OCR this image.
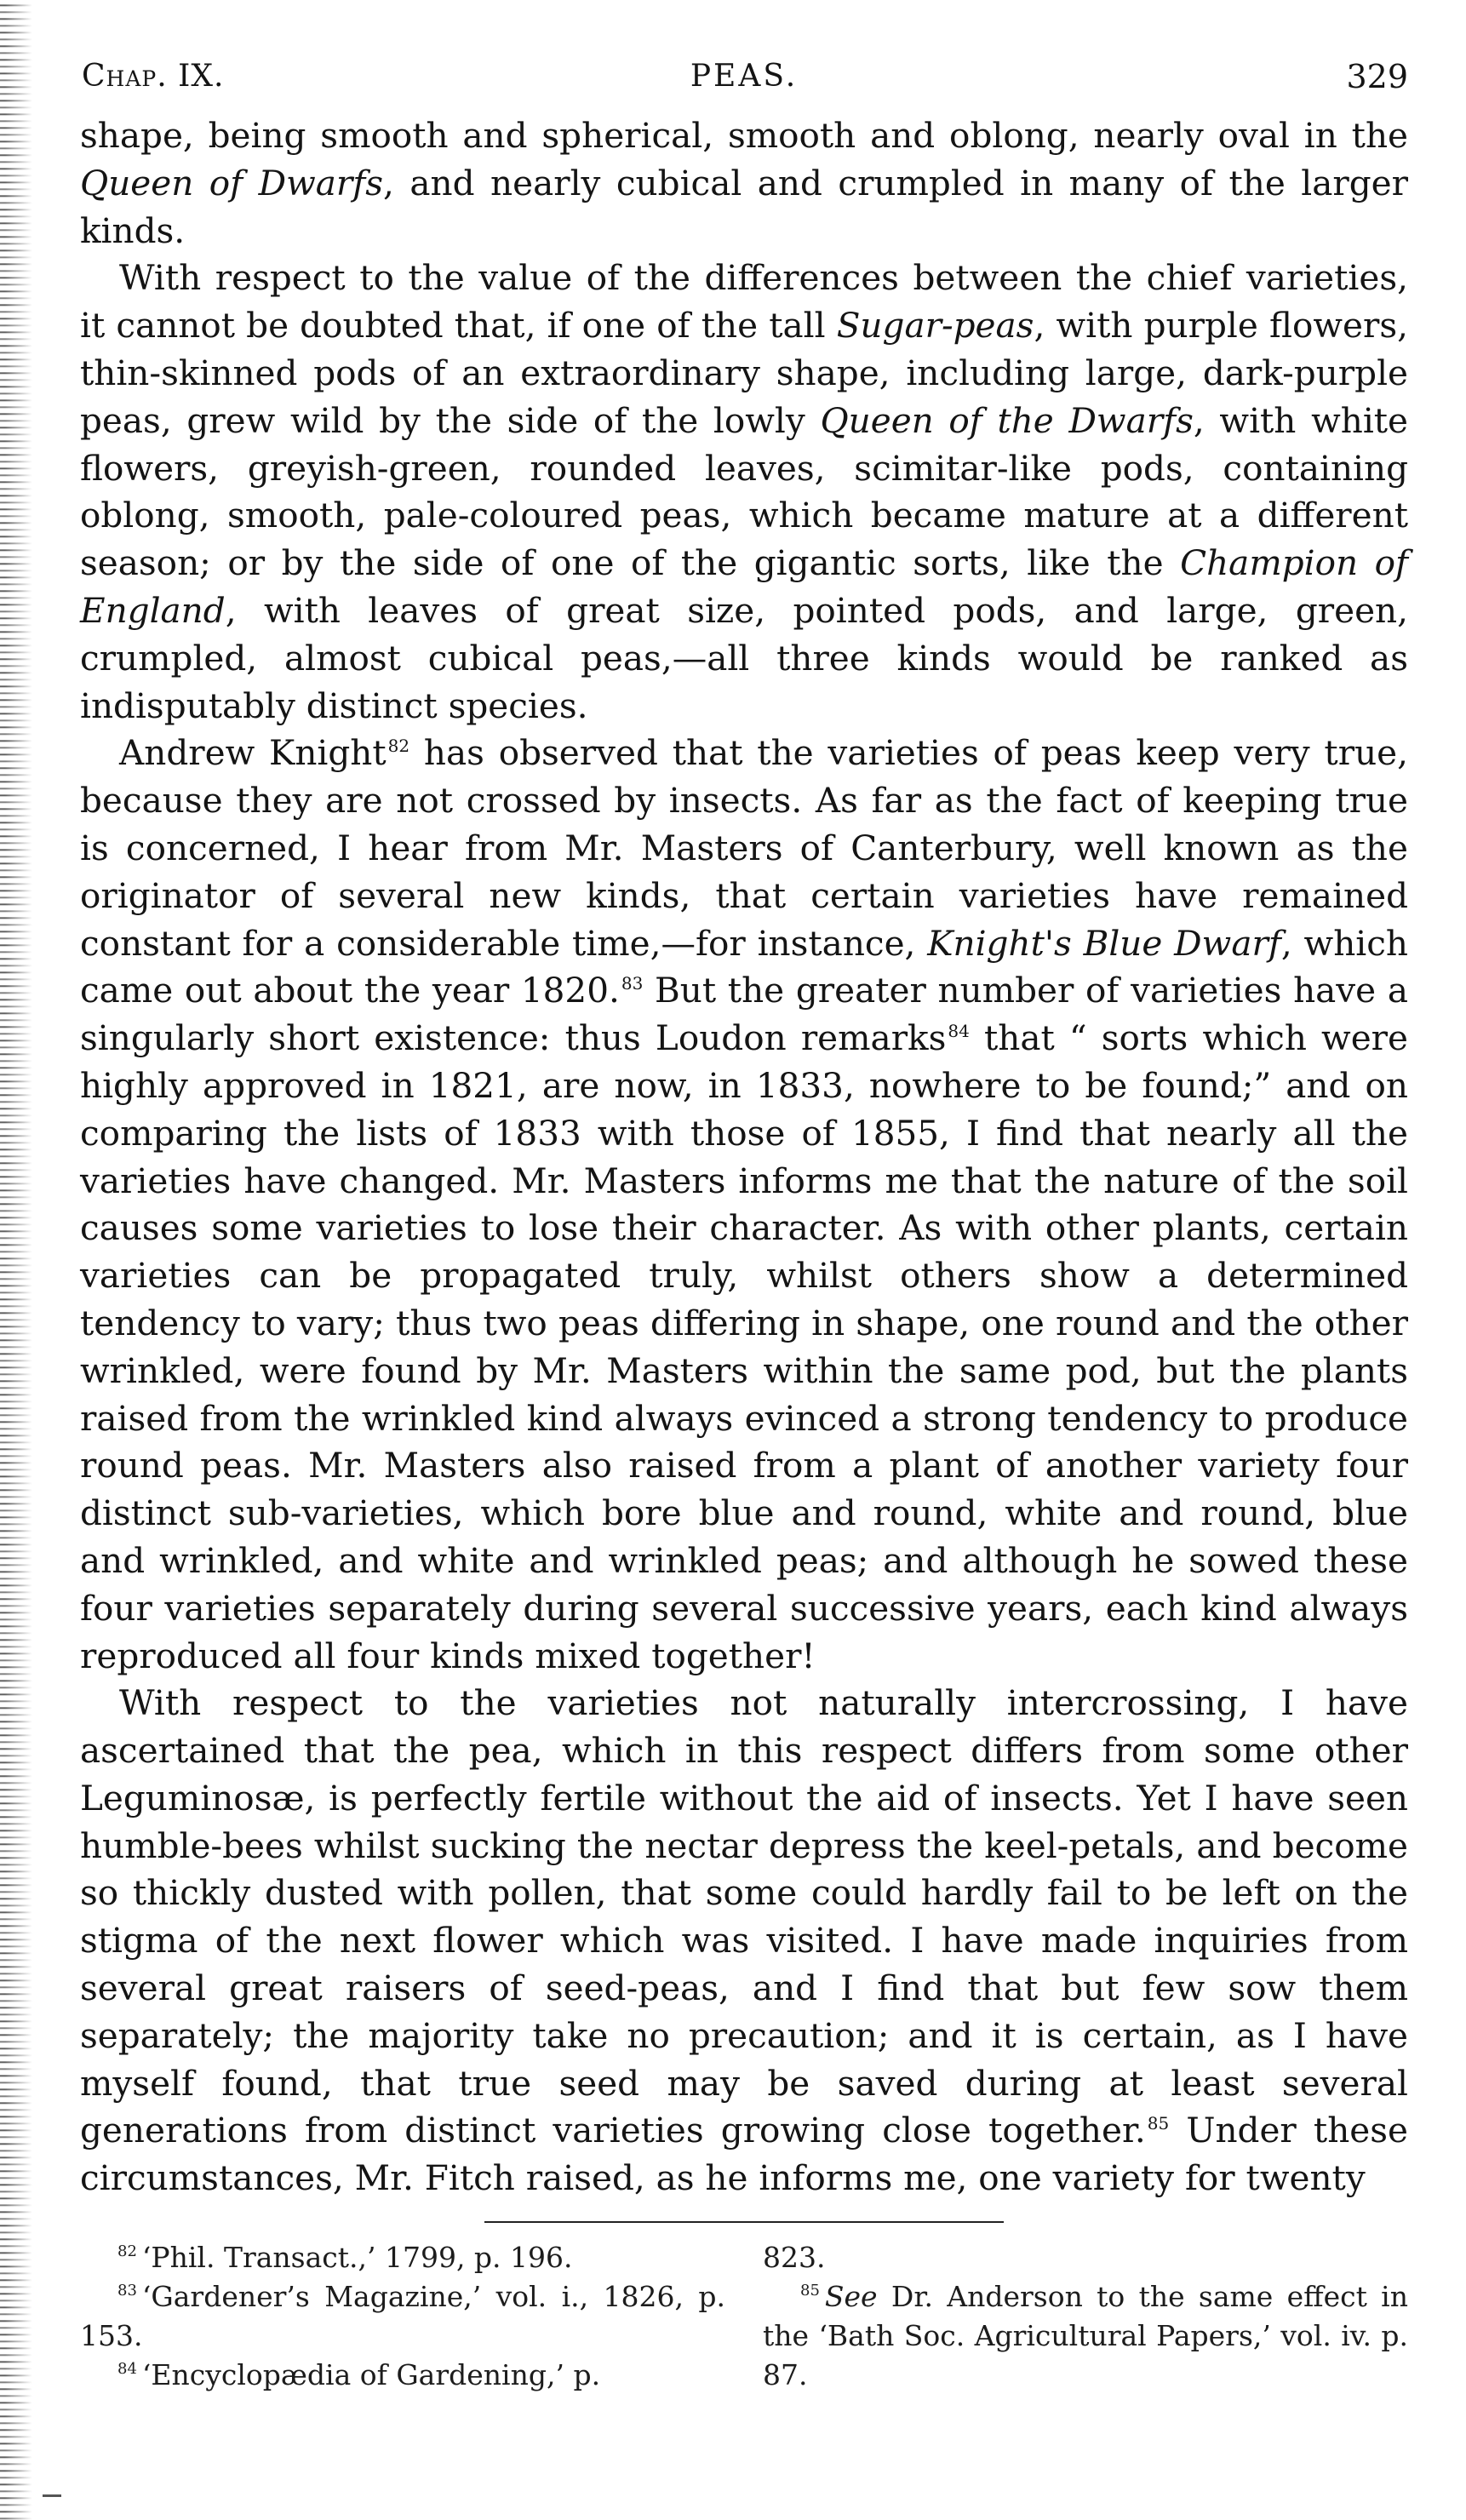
Chap. IX.	PEAS.	329

shape, being smooth and spherical, smooth and oblong, nearly oval in the Queen of Dwarfs, and nearly cubical and crumpled in many of the larger kinds.

With respect to the value of the differences between the chief varieties, it cannot be doubted that, if one of the tall Sugar-peas, with purple flowers, thin-skinned pods of an extraordinary shape, including large, dark-purple peas, grew wild by the side of the lowly Queen of the Dwarfs, with white flowers, greyish-green, rounded leaves, scimitar-like pods, containing oblong, smooth, pale-coloured peas, which became mature at a different season; or by the side of one of the gigantic sorts, like the Champion of England, with leaves of great size, pointed pods, and large, green, crumpled, almost cubical peas,—all three kinds would be ranked as indisputably distinct species.

Andrew Knight $^{82}$ has observed that the varieties of peas keep very true, because they are not crossed by insects. As far as the fact of keeping true is concerned, I hear from Mr. Masters of Canterbury, well known as the originator of several new kinds, that certain varieties have remained constant for a considerable time,—for instance, Knight's Blue Dwarf, which came out about the year 1820. $^{83}$ But the greater number of varieties have a singularly short existence: thus Loudon remarks $^{84}$ that “ sorts which were highly approved in 1821, are now, in 1833, nowhere to be found;” and on comparing the lists of 1833 with those of 1855, I find that nearly all the varieties have changed. Mr. Masters informs me that the nature of the soil causes some varieties to lose their character. As with other plants, certain varieties can be propagated truly, whilst others show a determined tendency to vary; thus two peas differing in shape, one round and the other wrinkled, were found by Mr. Masters within the same pod, but the plants raised from the wrinkled kind always evinced a strong tendency to produce round peas. Mr. Masters also raised from a plant of another variety four distinct sub-varieties, which bore blue and round, white and round, blue and wrinkled, and white and wrinkled peas; and although he sowed these four varieties separately during several successive years, each kind always reproduced all four kinds mixed together!

With respect to the varieties not naturally intercrossing, I have ascertained that the pea, which in this respect differs from some other Leguminosæ, is perfectly fertile without the aid of insects. Yet I have seen humble-bees whilst sucking the nectar depress the keel-petals, and become so thickly dusted with pollen, that some could hardly fail to be left on the stigma of the next flower which was visited. I have made inquiries from several great raisers of seed-peas, and I find that but few sow them separately; the majority take no precaution; and it is certain, as I have myself found, that true seed may be saved during at least several generations from distinct varieties growing close together. $^{85}$ Under these circumstances, Mr. Fitch raised, as he informs me, one variety for twenty

$^{82}$ ‘Phil. Transact.,’ 1799, p. 196.

$^{83}$ ‘Gardener’s Magazine,’ vol. i., 1826, p. 153.

$^{84}$ ‘Encyclopædia of Gardening,’ p.

823.

$^{85}$ See Dr. Anderson to the same effect in the ‘Bath Soc. Agricultural Papers,’ vol. iv. p. 87.
